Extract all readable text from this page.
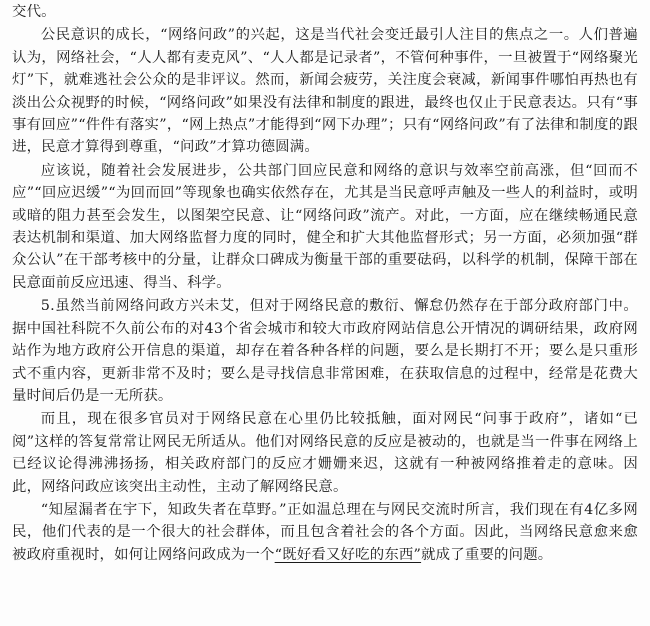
交代。

公民意识的成长，“网络问政”的兴起，这是当代社会变迁最引人注目的焦点之一。人们普遍认为，网络社会，“人人都有麦克风”、“人人都是记录者”，不管何种事件，一旦被置于“网络聚光灯”下，就难逃社会公众的是非评议。然而，新闻会疲劳，关注度会衰减，新闻事件哪怕再热也有淡出公众视野的时候，“网络问政”如果没有法律和制度的跟进，最终也仅止于民意表达。只有“事事有回应”“件件有落实”，“网上热点”才能得到“网下办理”；只有“网络问政”有了法律和制度的跟进，民意才算得到尊重，“问政”才算功德圆满。

应该说，随着社会发展进步，公共部门回应民意和网络的意识与效率空前高涨，但“回而不应”“回应迟缓”“为回而回”等现象也确实依然存在，尤其是当民意呼声触及一些人的利益时，或明或暗的阻力甚至会发生，以图架空民意、让“网络问政”流产。对此，一方面，应在继续畅通民意表达机制和渠道、加大网络监督力度的同时，健全和扩大其他监督形式；另一方面，必须加强“群众公认”在干部考核中的分量，让群众口碑成为衡量干部的重要砝码，以科学的机制，保障干部在民意面前反应迅速、得当、科学。

5.虽然当前网络问政方兴未艾，但对于网络民意的敷衍、懈怠仍然存在于部分政府部门中。据中国社科院不久前公布的对43个省会城市和较大市政府网站信息公开情况的调研结果，政府网站作为地方政府公开信息的渠道，却存在着各种各样的问题，要么是长期打不开；要么是只重形式不重内容，更新非常不及时；要么是寻找信息非常困难，在获取信息的过程中，经常是花费大量时间后仍是一无所获。

而且，现在很多官员对于网络民意在心里仍比较抵触，面对网民“问事于政府”，诸如“已阅”这样的答复常常让网民无所适从。他们对网络民意的反应是被动的，也就是当一件事在网络上已经议论得沸沸扬扬，相关政府部门的反应才姗姗来迟，这就有一种被网络推着走的意味。因此，网络问政应该突出主动性，主动了解网络民意。

“知屋漏者在宇下，知政失者在草野。”正如温总理在与网民交流时所言，我们现在有4亿多网民，他们代表的是一个很大的社会群体，而且包含着社会的各个方面。因此，当网络民意愈来愈被政府重视时，如何让网络问政成为一个“既好看又好吃的东西”就成了重要的问题。
